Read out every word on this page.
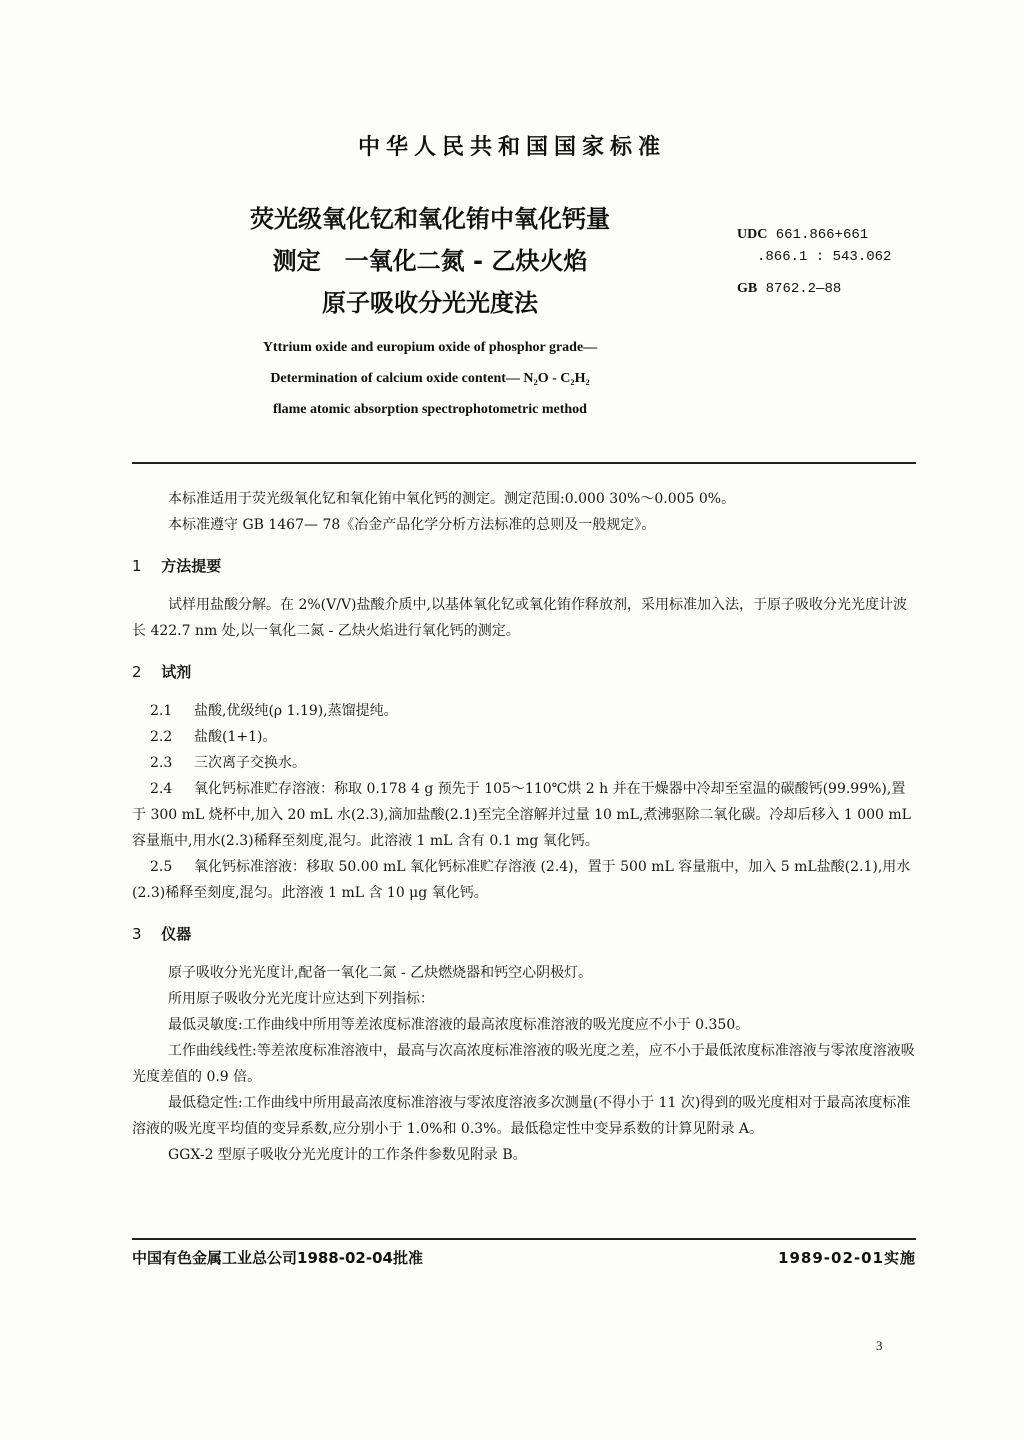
中华人民共和国国家标准
荧光级氧化钇和氧化铕中氧化钙量
测定　一氧化二氮 - 乙炔火焰
原子吸收分光光度法
UDC 661.866+661
.866.1 : 543.062
GB 8762.2—88
Yttrium oxide and europium oxide of phosphor grade—
Determination of calcium oxide content— N₂O - C₂H₂
flame atomic absorption spectrophotometric method

本标准适用于荧光级氧化钇和氧化铕中氧化钙的测定。测定范围:0.000 30%～0.005 0%。

本标准遵守 GB 1467— 78《冶金产品化学分析方法标准的总则及一般规定》。

1 方法提要

试样用盐酸分解。在 2%(V/V)盐酸介质中,以基体氧化钇或氧化铕作释放剂，采用标准加入法，于原子吸收分光光度计波长 422.7 nm 处,以一氧化二氮 - 乙炔火焰进行氧化钙的测定。

2 试剂

2.1 盐酸,优级纯(ρ 1.19),蒸馏提纯。

2.2 盐酸(1+1)。

2.3 三次离子交换水。

2.4 氧化钙标准贮存溶液：称取 0.178 4 g 预先于 105～110℃烘 2 h 并在干燥器中冷却至室温的碳酸钙(99.99%),置于 300 mL 烧杯中,加入 20 mL 水(2.3),滴加盐酸(2.1)至完全溶解并过量 10 mL,煮沸驱除二氧化碳。冷却后移入 1 000 mL 容量瓶中,用水(2.3)稀释至刻度,混匀。此溶液 1 mL 含有 0.1 mg 氧化钙。

2.5 氧化钙标准溶液：移取 50.00 mL 氧化钙标准贮存溶液 (2.4)，置于 500 mL 容量瓶中，加入 5 mL盐酸(2.1),用水(2.3)稀释至刻度,混匀。此溶液 1 mL 含 10 μg 氧化钙。

3 仪器

原子吸收分光光度计,配备一氧化二氮 - 乙炔燃烧器和钙空心阴极灯。

所用原子吸收分光光度计应达到下列指标：

最低灵敏度:工作曲线中所用等差浓度标准溶液的最高浓度标准溶液的吸光度应不小于 0.350。

工作曲线线性:等差浓度标准溶液中，最高与次高浓度标准溶液的吸光度之差，应不小于最低浓度标准溶液与零浓度溶液吸光度差值的 0.9 倍。

最低稳定性:工作曲线中所用最高浓度标准溶液与零浓度溶液多次测量(不得小于 11 次)得到的吸光度相对于最高浓度标准溶液的吸光度平均值的变异系数,应分别小于 1.0%和 0.3%。最低稳定性中变异系数的计算见附录 A。

GGX-2 型原子吸收分光光度计的工作条件参数见附录 B。

中国有色金属工业总公司1988-02-04批准	1989-02-01实施
3
